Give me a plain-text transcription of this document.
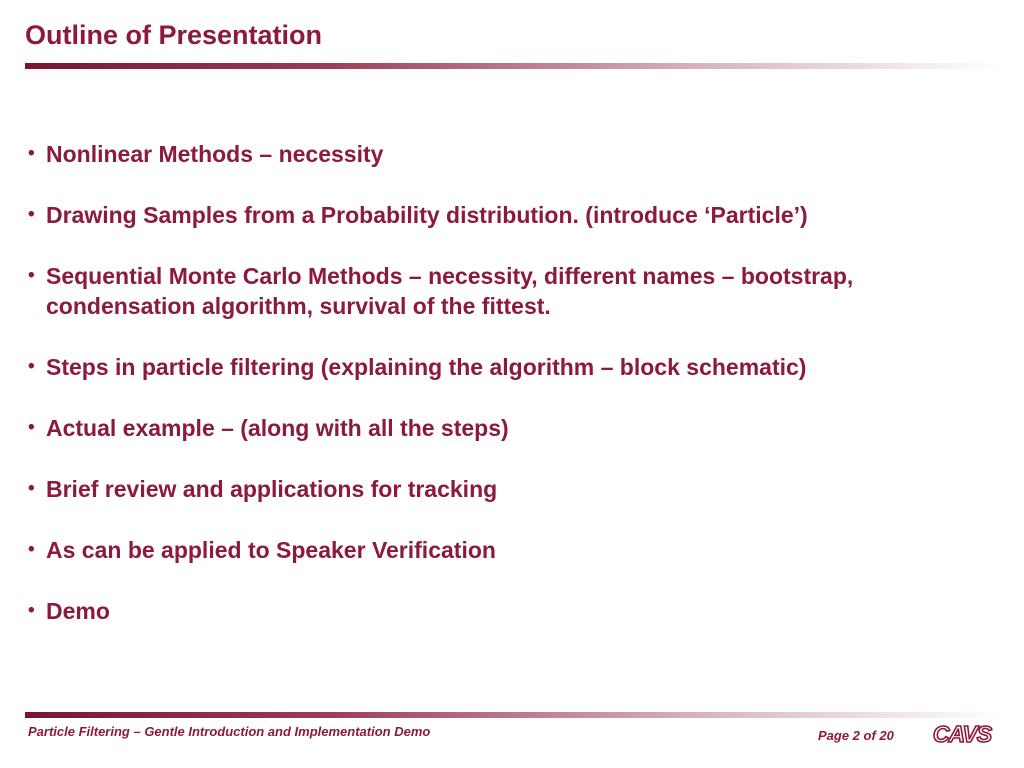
Outline of Presentation
• Nonlinear Methods – necessity
• Drawing Samples from a Probability distribution. (introduce ‘Particle’)
• Sequential Monte Carlo Methods – necessity, different names – bootstrap, condensation algorithm, survival of the fittest.
• Steps in particle filtering (explaining the algorithm – block schematic)
• Actual example – (along with all the steps)
• Brief review and applications for tracking
• As can be applied to Speaker Verification
• Demo
Particle Filtering – Gentle Introduction and Implementation Demo	Page 2 of 20 CAVS
